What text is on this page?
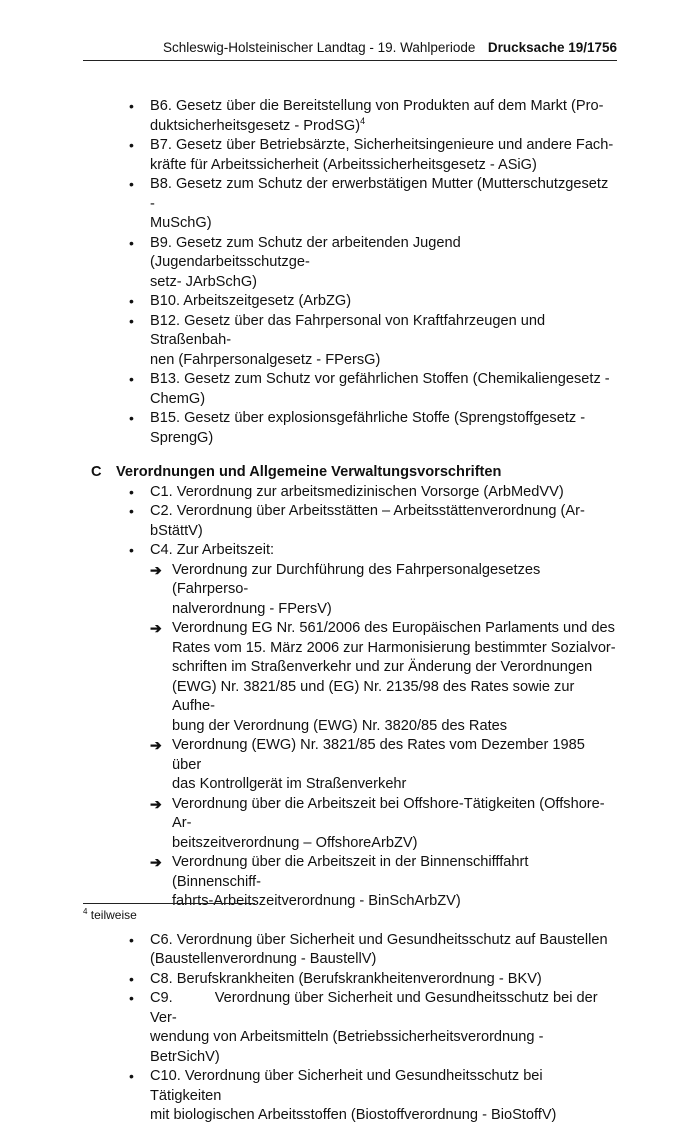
Schleswig-Holsteinischer Landtag - 19. Wahlperiode Drucksache 19/1756
• B6. Gesetz über die Bereitstellung von Produkten auf dem Markt (Pro-
duktsicherheitsgesetz - ProdSG)$^4$
• B7. Gesetz über Betriebsärzte, Sicherheitsingenieure und andere Fach-
kräfte für Arbeitssicherheit (Arbeitssicherheitsgesetz - ASiG)
• B8. Gesetz zum Schutz der erwerbstätigen Mutter (Mutterschutzgesetz -
MuSchG)
• B9. Gesetz zum Schutz der arbeitenden Jugend (Jugendarbeitsschutzge-
setz- JArbSchG)
• B10. Arbeitszeitgesetz (ArbZG)
• B12. Gesetz über das Fahrpersonal von Kraftfahrzeugen und Straßenbah-
nen (Fahrpersonalgesetz - FPersG)
• B13. Gesetz zum Schutz vor gefährlichen Stoffen (Chemikaliengesetz -
ChemG)
• B15. Gesetz über explosionsgefährliche Stoffe (Sprengstoffgesetz -
SprengG)
C Verordnungen und Allgemeine Verwaltungsvorschriften
• C1. Verordnung zur arbeitsmedizinischen Vorsorge (ArbMedVV)
• C2. Verordnung über Arbeitsstätten – Arbeitsstättenverordnung (Ar-
bStättV)
• C4. Zur Arbeitszeit:
➔ Verordnung zur Durchführung des Fahrpersonalgesetzes (Fahrperso-
nalverordnung - FPersV)
➔ Verordnung EG Nr. 561/2006 des Europäischen Parlaments und des
Rates vom 15. März 2006 zur Harmonisierung bestimmter Sozialvor-
schriften im Straßenverkehr und zur Änderung der Verordnungen
(EWG) Nr. 3821/85 und (EG) Nr. 2135/98 des Rates sowie zur Aufhe-
bung der Verordnung (EWG) Nr. 3820/85 des Rates
➔ Verordnung (EWG) Nr. 3821/85 des Rates vom Dezember 1985 über
das Kontrollgerät im Straßenverkehr
➔ Verordnung über die Arbeitszeit bei Offshore-Tätigkeiten (Offshore-Ar-
beitszeitverordnung – OffshoreArbZV)
➔ Verordnung über die Arbeitszeit in der Binnenschifffahrt (Binnenschiff-
fahrts-Arbeitszeitverordnung - BinSchArbZV)
• C6. Verordnung über Sicherheit und Gesundheitsschutz auf Baustellen
(Baustellenverordnung - BaustellV)
• C8. Berufskrankheiten (Berufskrankheitenverordnung - BKV)
• C9.	Verordnung über Sicherheit und Gesundheitsschutz bei der Ver-
wendung von Arbeitsmitteln (Betriebssicherheitsverordnung - BetrSichV)
• C10. Verordnung über Sicherheit und Gesundheitsschutz bei Tätigkeiten
mit biologischen Arbeitsstoffen (Biostoffverordnung - BioStoffV)
$^4$ teilweise
